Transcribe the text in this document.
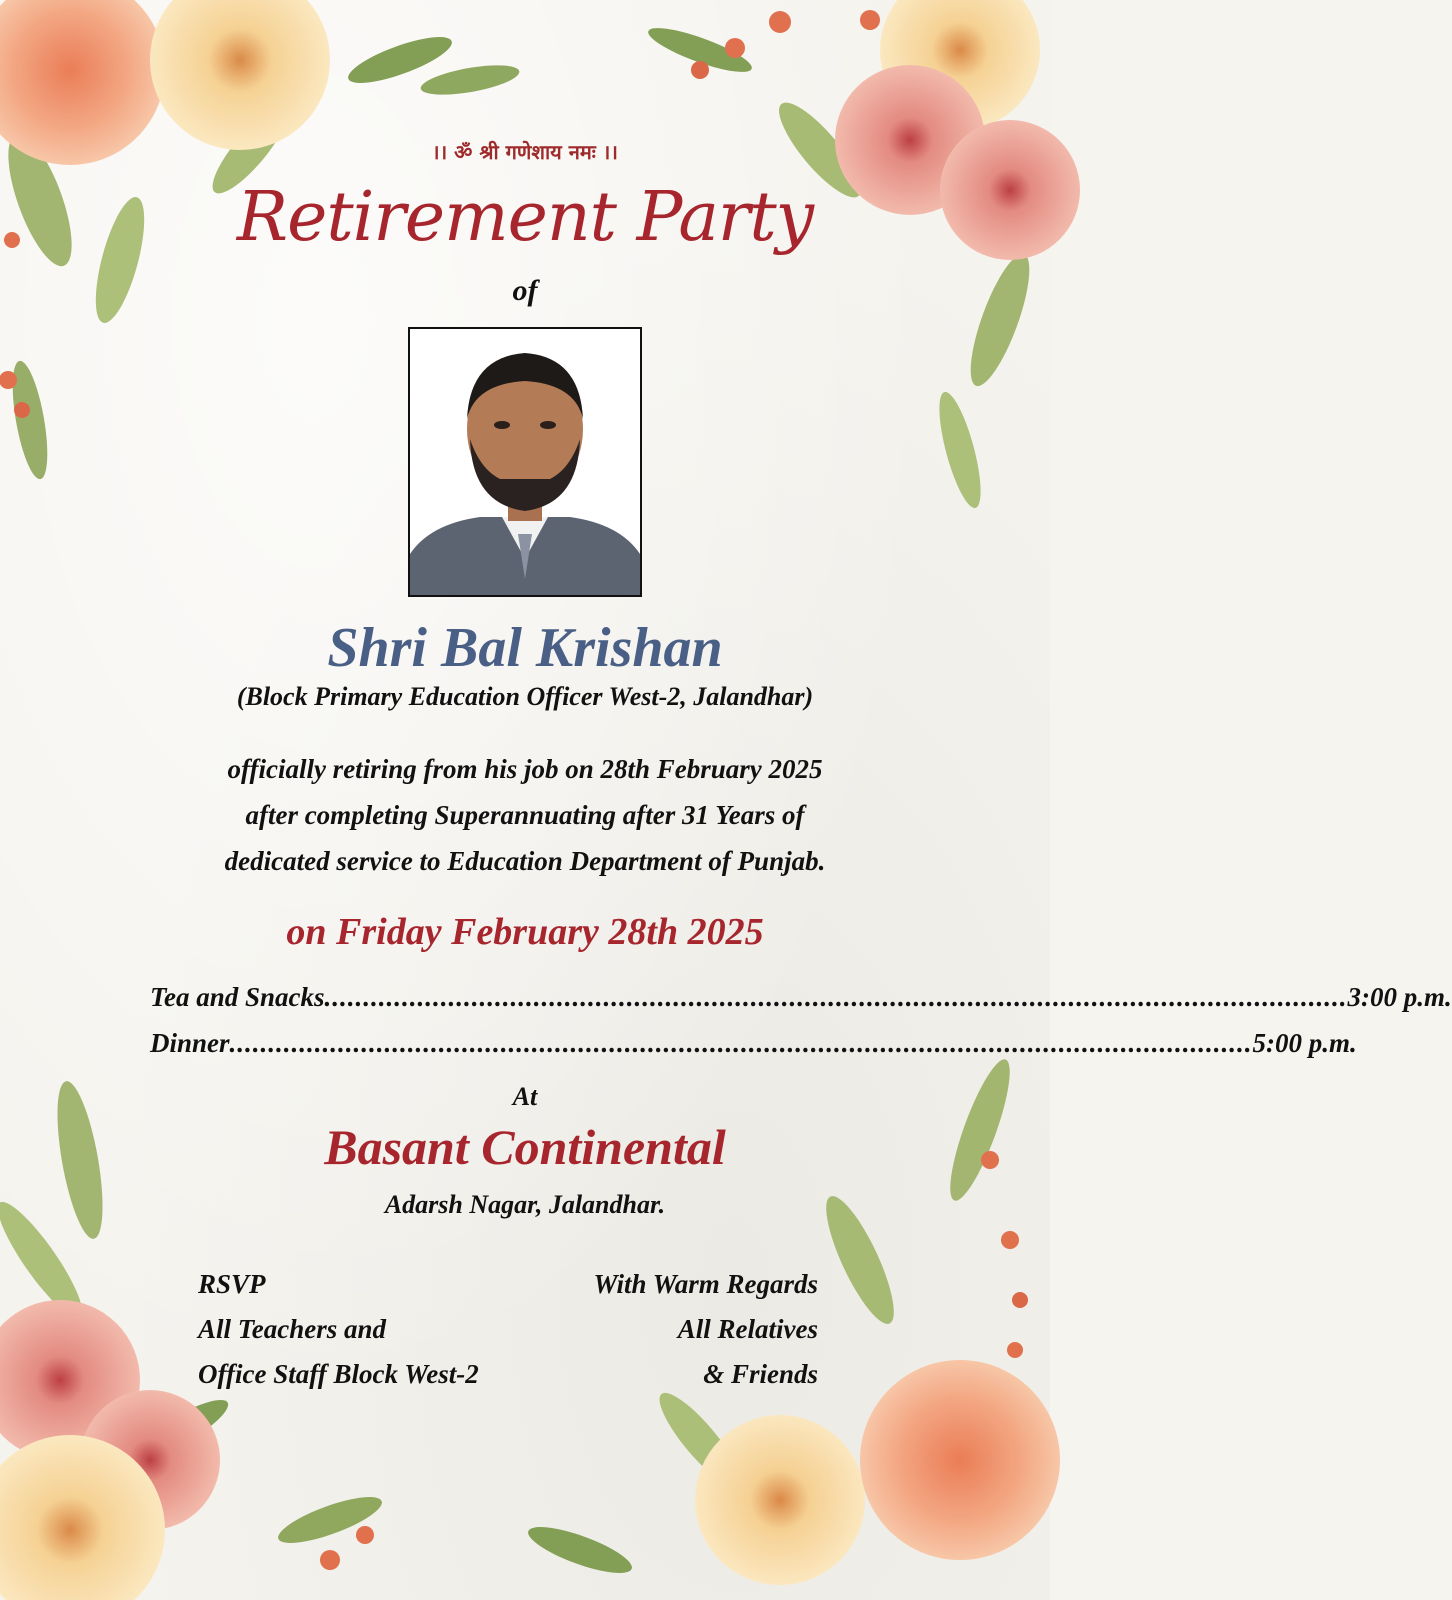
।। ॐ श्री गणेशाय नमः ।।
Retirement Party
of
Shri Bal Krishan
(Block Primary Education Officer West-2, Jalandhar)
officially retiring from his job on 28th February 2025
after completing Superannuating after 31 Years of
dedicated service to Education Department of Punjab.
on Friday February 28th 2025
Tea and Snacks .................................................................................................................................... 3:00 p.m.
Dinner .................................................................................................................................... 5:00 p.m.
At
Basant Continental
Adarsh Nagar, Jalandhar.
RSVP
All Teachers and
Office Staff Block West-2
With Warm Regards
All Relatives
& Friends
